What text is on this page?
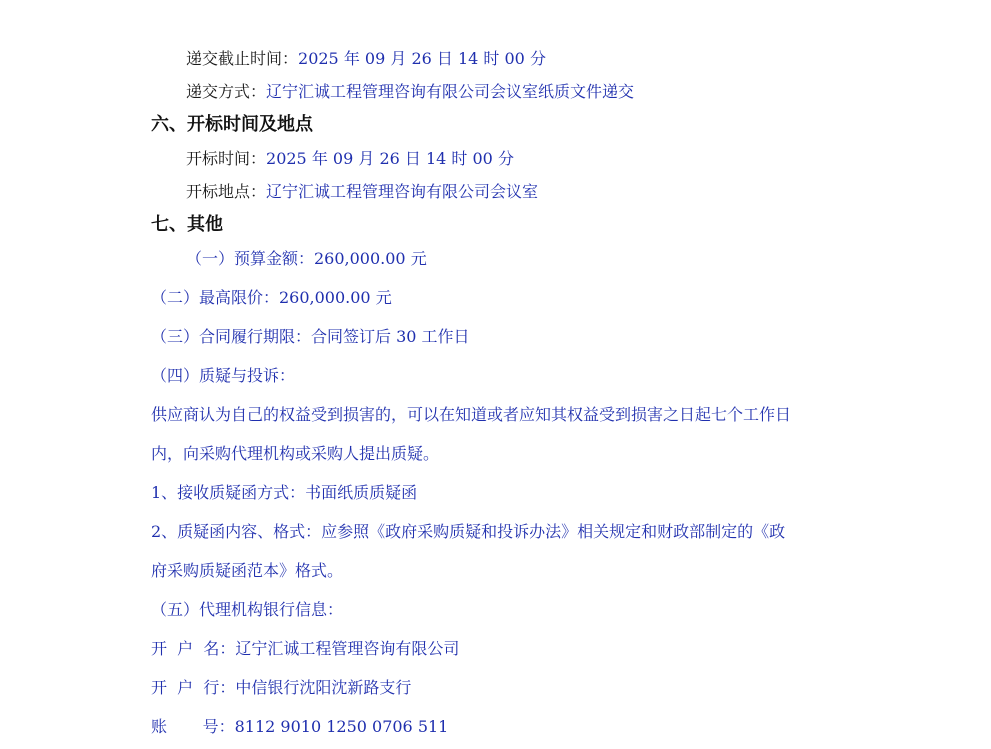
递交截止时间：2025 年 09 月 26 日 14 时 00 分
递交方式：辽宁汇诚工程管理咨询有限公司会议室纸质文件递交
六、开标时间及地点
开标时间：2025 年 09 月 26 日 14 时 00 分
开标地点：辽宁汇诚工程管理咨询有限公司会议室
七、其他
（一）预算金额：260,000.00 元
（二）最高限价：260,000.00 元
（三）合同履行期限：合同签订后 30 工作日
（四）质疑与投诉：
供应商认为自己的权益受到损害的，可以在知道或者应知其权益受到损害之日起七个工作日
内，向采购代理机构或采购人提出质疑。
1、接收质疑函方式：书面纸质质疑函
2、质疑函内容、格式：应参照《政府采购质疑和投诉办法》相关规定和财政部制定的《政
府采购质疑函范本》格式。
（五）代理机构银行信息：
开  户  名：辽宁汇诚工程管理咨询有限公司
开  户  行：中信银行沈阳沈新路支行
账       号：8112 9010 1250 0706 511
